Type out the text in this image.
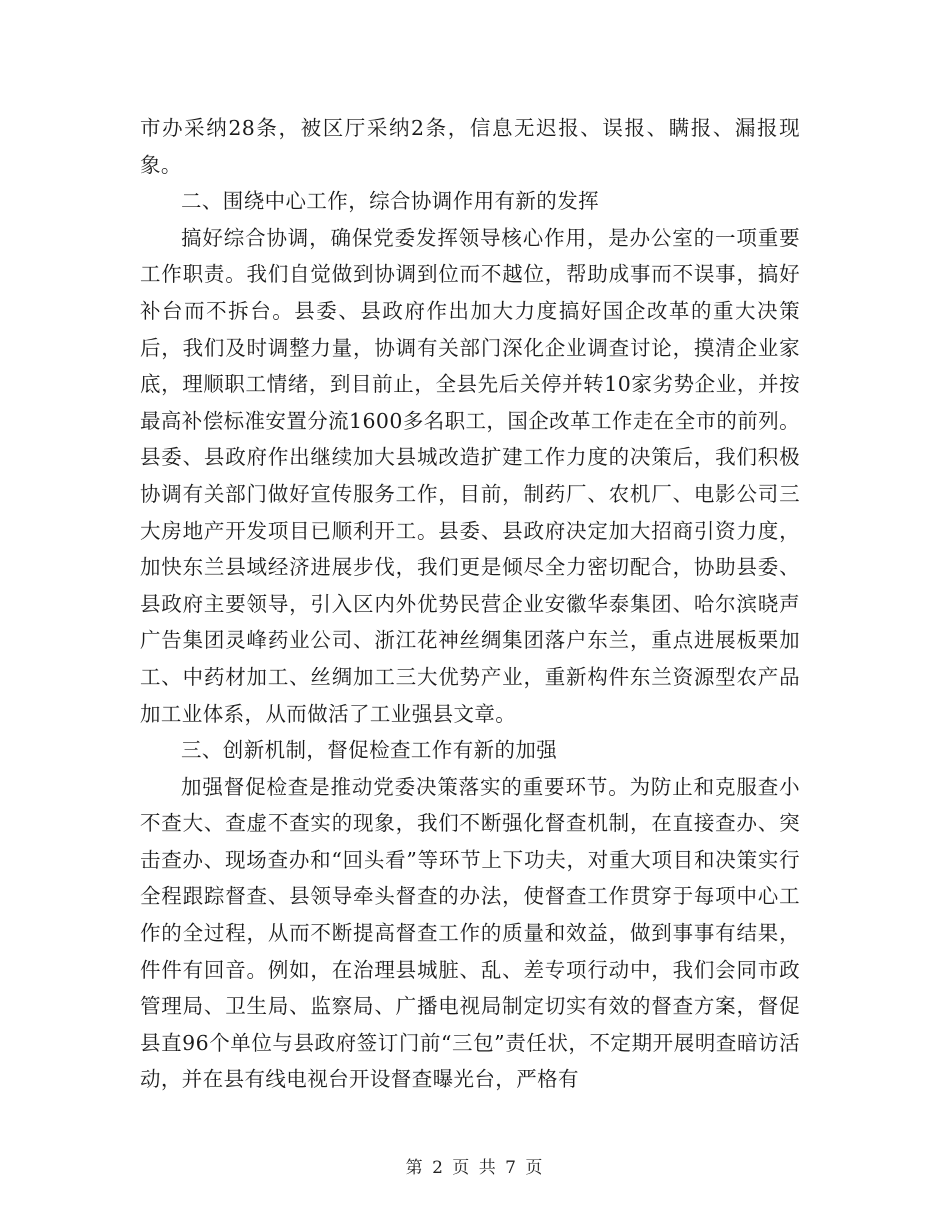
市办采纳28条，被区厅采纳2条，信息无迟报、误报、瞒报、漏报现象。

二、围绕中心工作，综合协调作用有新的发挥

搞好综合协调，确保党委发挥领导核心作用，是办公室的一项重要工作职责。我们自觉做到协调到位而不越位，帮助成事而不误事，搞好补台而不拆台。县委、县政府作出加大力度搞好国企改革的重大决策后，我们及时调整力量，协调有关部门深化企业调查讨论，摸清企业家底，理顺职工情绪，到目前止，全县先后关停并转10家劣势企业，并按最高补偿标准安置分流1600多名职工，国企改革工作走在全市的前列。县委、县政府作出继续加大县城改造扩建工作力度的决策后，我们积极协调有关部门做好宣传服务工作，目前，制药厂、农机厂、电影公司三大房地产开发项目已顺利开工。县委、县政府决定加大招商引资力度，加快东兰县域经济进展步伐，我们更是倾尽全力密切配合，协助县委、县政府主要领导，引入区内外优势民营企业安徽华泰集团、哈尔滨晓声广告集团灵峰药业公司、浙江花神丝绸集团落户东兰，重点进展板栗加工、中药材加工、丝绸加工三大优势产业，重新构件东兰资源型农产品加工业体系，从而做活了工业强县文章。

三、创新机制，督促检查工作有新的加强

加强督促检查是推动党委决策落实的重要环节。为防止和克服查小不查大、查虚不查实的现象，我们不断强化督查机制，在直接查办、突击查办、现场查办和“回头看”等环节上下功夫，对重大项目和决策实行全程跟踪督查、县领导牵头督查的办法，使督查工作贯穿于每项中心工作的全过程，从而不断提高督查工作的质量和效益，做到事事有结果，件件有回音。例如，在治理县城脏、乱、差专项行动中，我们会同市政管理局、卫生局、监察局、广播电视局制定切实有效的督查方案，督促县直96个单位与县政府签订门前“三包”责任状，不定期开展明查暗访活动，并在县有线电视台开设督查曝光台，严格有

第 2 页 共 7 页
